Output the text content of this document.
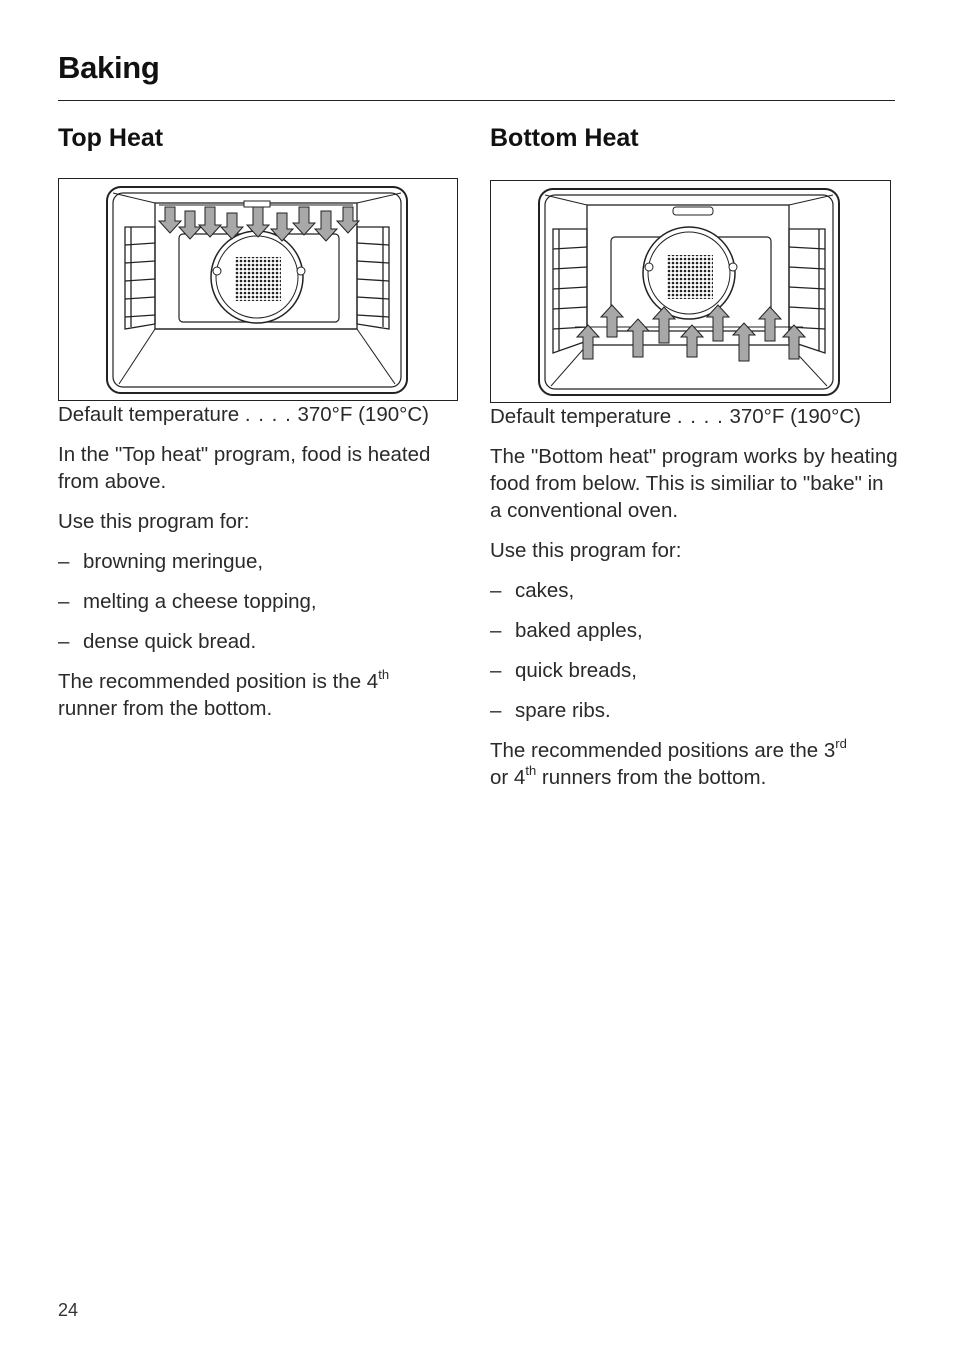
Baking
Top Heat

Default temperature . . . . 370°F (190°C)

In the "Top heat" program, food is heated from above.

Use this program for:

– browning meringue,

– melting a cheese topping,

– dense quick bread.

The recommended position is the 4th
runner from the bottom.

Bottom Heat

Default temperature . . . . 370°F (190°C)

The "Bottom heat" program works by heating food from below. This is similiar to "bake" in a conventional oven.

Use this program for:

– cakes,

– baked apples,

– quick breads,

– spare ribs.

The recommended positions are the 3rd
or 4th runners from the bottom.

24
